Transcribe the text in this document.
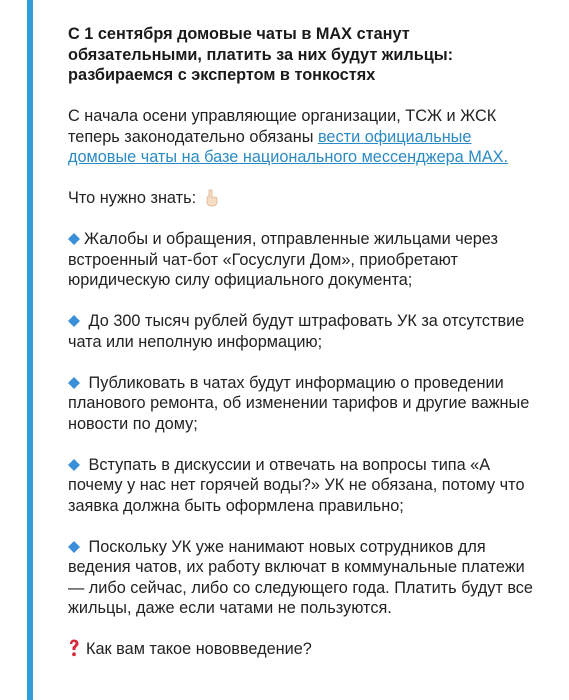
С 1 сентября домовые чаты в МАХ станут обязательными, платить за них будут жильцы: разбираемся с экспертом в тонкостях

С начала осени управляющие организации, ТСЖ и ЖСК теперь законодательно обязаны вести официальные домовые чаты на базе национального мессенджера МАХ.

Что нужно знать:

Жалобы и обращения, отправленные жильцами через встроенный чат-бот «Госуслуги Дом», приобретают юридическую силу официального документа;

До 300 тысяч рублей будут штрафовать УК за отсутствие чата или неполную информацию;

Публиковать в чатах будут информацию о проведении планового ремонта, об изменении тарифов и другие важные новости по дому;

Вступать в дискуссии и отвечать на вопросы типа «А почему у нас нет горячей воды?» УК не обязана, потому что заявка должна быть оформлена правильно;

Поскольку УК уже нанимают новых сотрудников для ведения чатов, их работу включат в коммунальные платежи — либо сейчас, либо со следующего года. Платить будут все жильцы, даже если чатами не пользуются.

Как вам такое нововведение?
